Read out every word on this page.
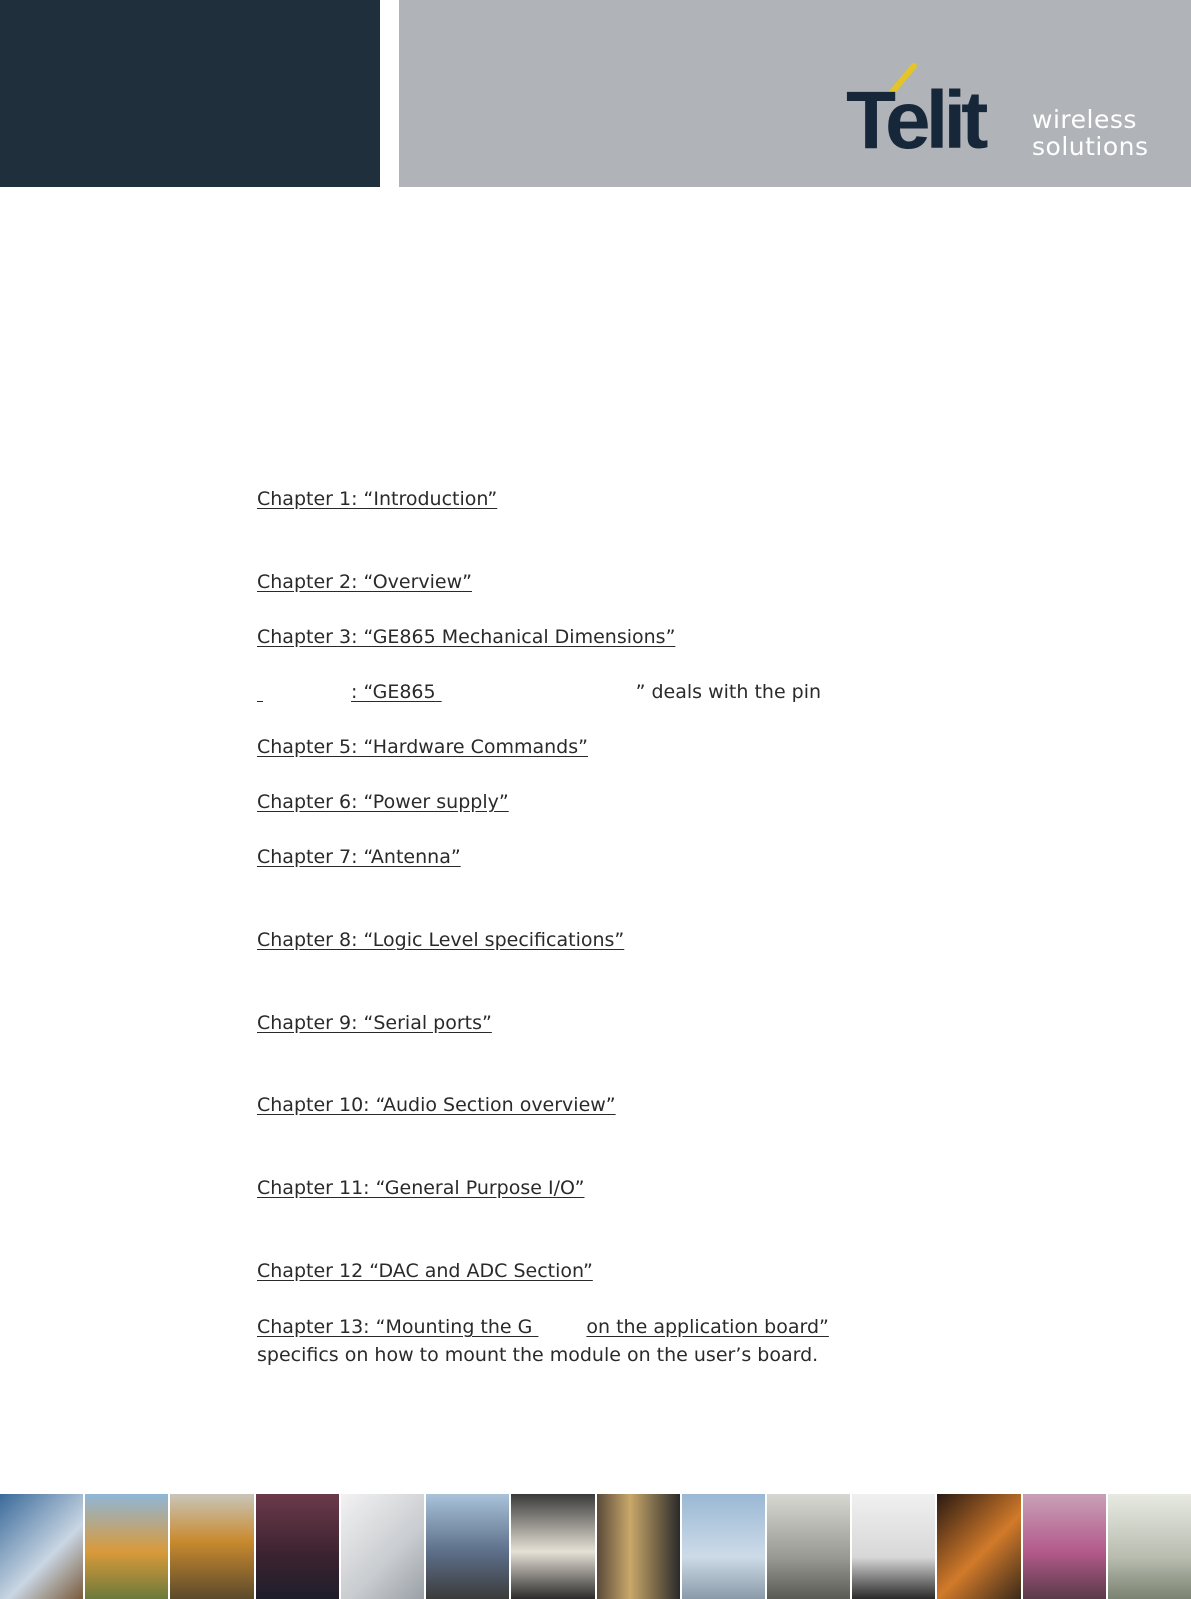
Telit wireless
solutions
Chapter 1: “Introduction”
Chapter 2: “Overview”
Chapter 3: “GE865 Mechanical Dimensions”
: “GE865	” deals with the pin
Chapter 5: “Hardware Commands”
Chapter 6: “Power supply”
Chapter 7: “Antenna”
Chapter 8: “Logic Level specifications”
Chapter 9: “Serial ports”
Chapter 10: “Audio Section overview”
Chapter 11: “General Purpose I/O”
Chapter 12 “DAC and ADC Section”
Chapter 13: “Mounting the G	on the application board”
specifics on how to mount the module on the user’s board.
